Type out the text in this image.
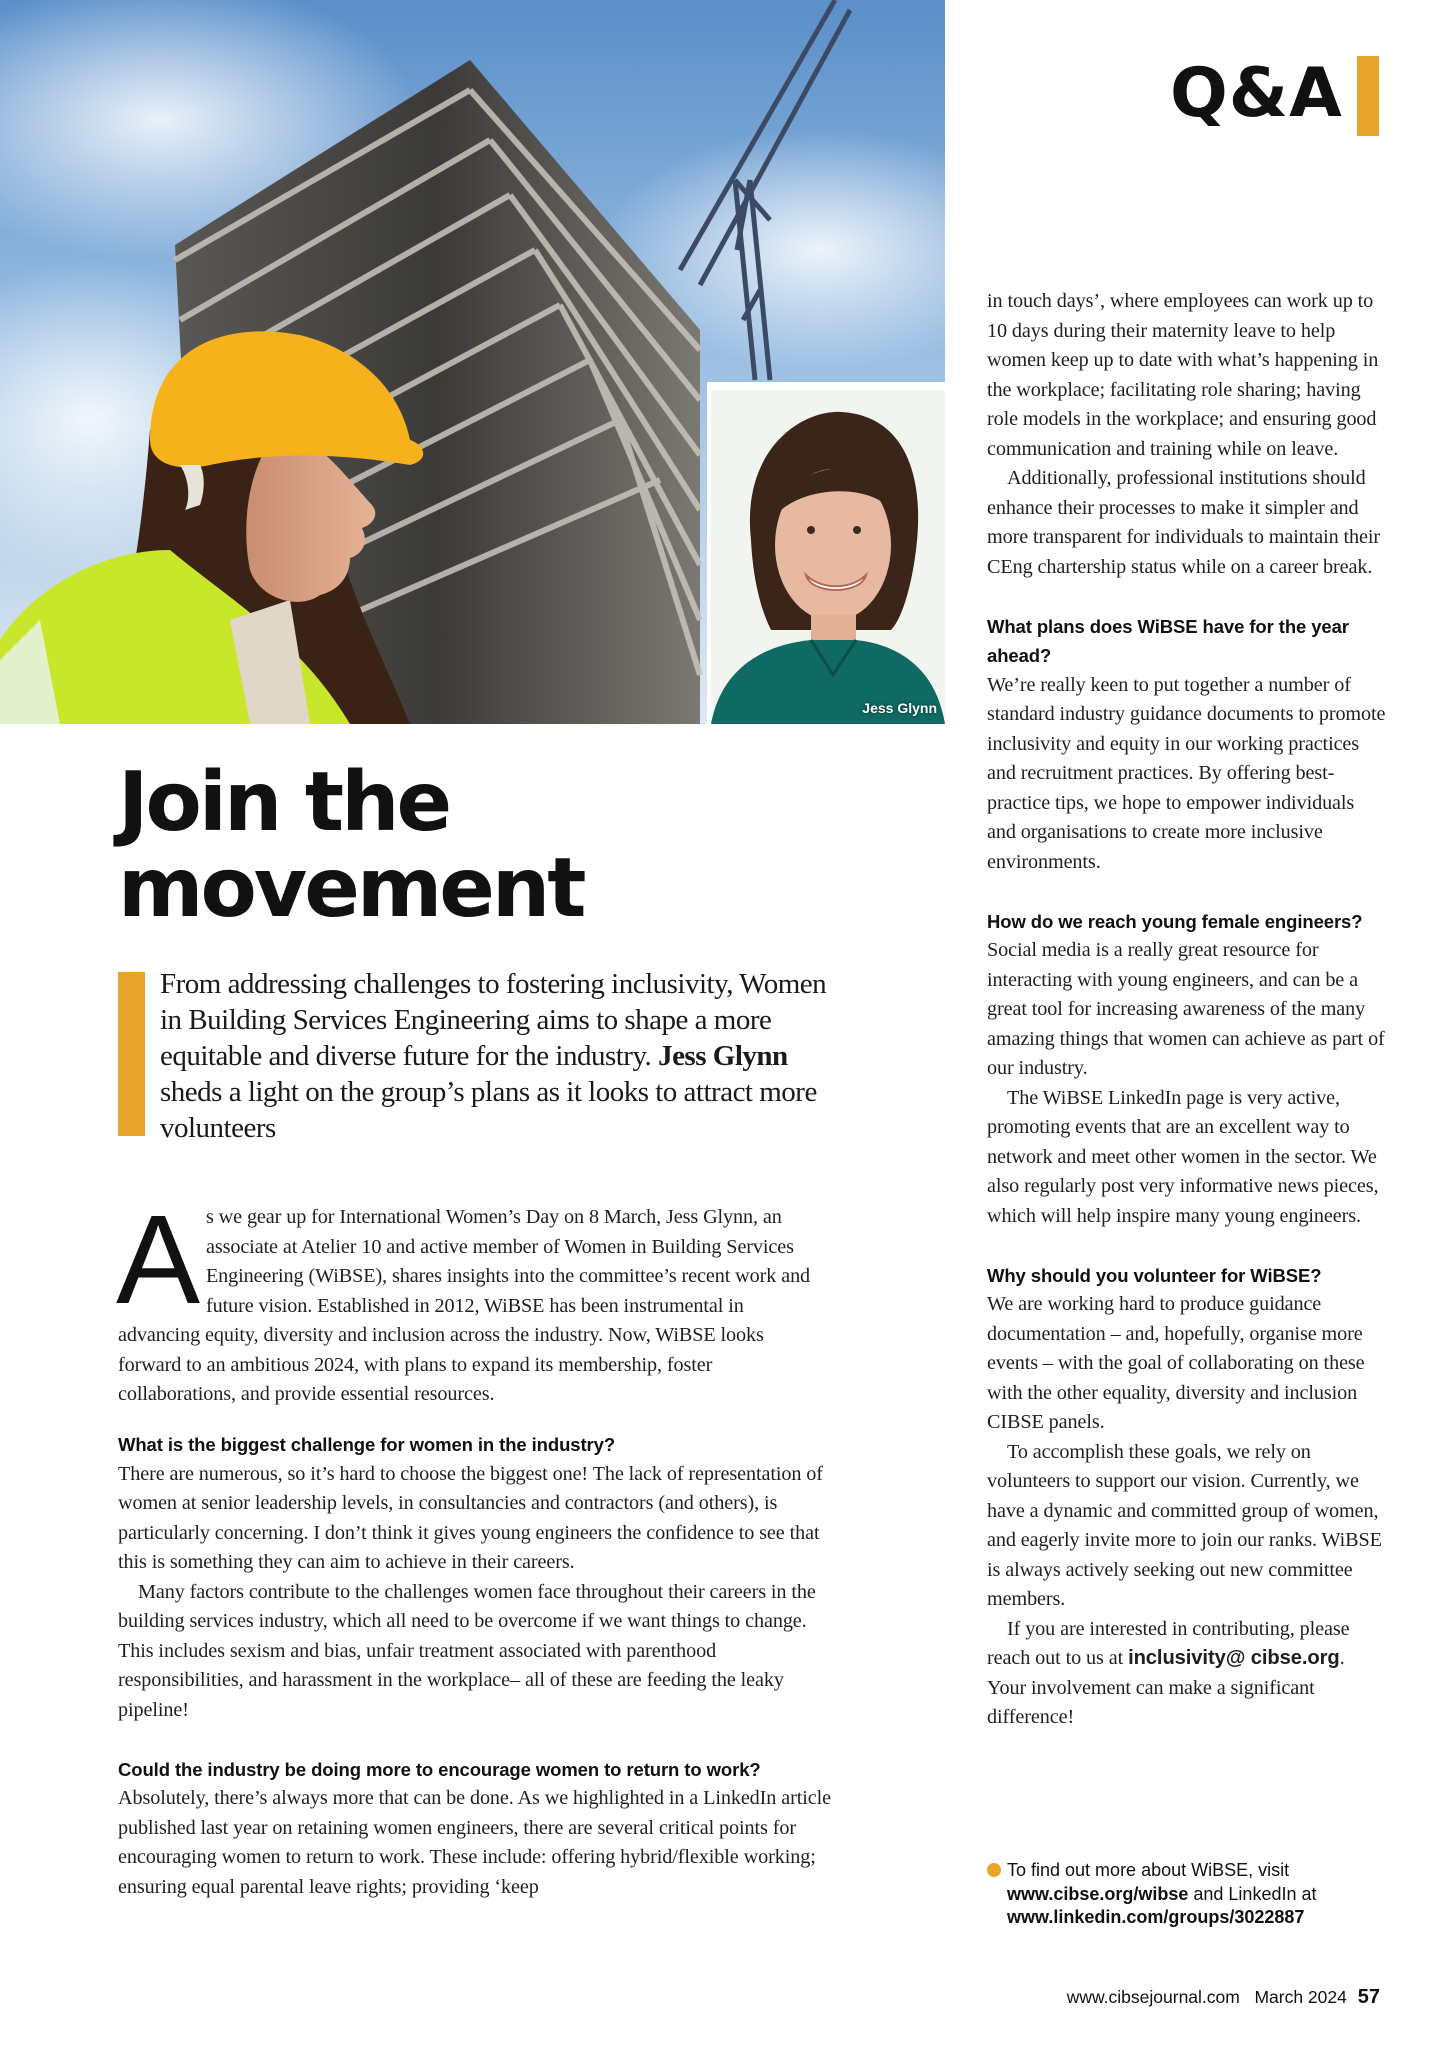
Jess Glynn
Q&A
Join the
movement
From addressing challenges to fostering inclusivity, Women in Building Services Engineering aims to shape a more equitable and diverse future for the industry. Jess Glynn sheds a light on the group’s plans as it looks to attract more volunteers
As we gear up for International Women’s Day on 8 March, Jess Glynn, an associate at Atelier 10 and active member of Women in Building Services Engineering (WiBSE), shares insights into the committee’s recent work and future vision. Established in 2012, WiBSE has been instrumental in advancing equity, diversity and inclusion across the industry. Now, WiBSE looks forward to an ambitious 2024, with plans to expand its membership, foster collaborations, and provide essential resources.

What is the biggest challenge for women in the industry?

There are numerous, so it’s hard to choose the biggest one! The lack of representation of women at senior leadership levels, in consultancies and contractors (and others), is particularly concerning. I don’t think it gives young engineers the confidence to see that this is something they can aim to achieve in their careers.

Many factors contribute to the challenges women face throughout their careers in the building services industry, which all need to be overcome if we want things to change. This includes sexism and bias, unfair treatment associated with parenthood responsibilities, and harassment in the workplace– all of these are feeding the leaky pipeline!

Could the industry be doing more to encourage women to return to work?

Absolutely, there’s always more that can be done. As we highlighted in a LinkedIn article published last year on retaining women engineers, there are several critical points for encouraging women to return to work. These include: offering hybrid/flexible working; ensuring equal parental leave rights; providing ‘keep

in touch days’, where employees can work up to 10 days during their maternity leave to help women keep up to date with what’s happening in the workplace; facilitating role sharing; having role models in the workplace; and ensuring good communication and training while on leave.

Additionally, professional institutions should enhance their processes to make it simpler and more transparent for individuals to maintain their CEng chartership status while on a career break.

What plans does WiBSE have for the year ahead?

We’re really keen to put together a number of standard industry guidance documents to promote inclusivity and equity in our working practices and recruitment practices. By offering best-practice tips, we hope to empower individuals and organisations to create more inclusive environments.

How do we reach young female engineers?

Social media is a really great resource for interacting with young engineers, and can be a great tool for increasing awareness of the many amazing things that women can achieve as part of our industry.

The WiBSE LinkedIn page is very active, promoting events that are an excellent way to network and meet other women in the sector. We also regularly post very informative news pieces, which will help inspire many young engineers.

Why should you volunteer for WiBSE?

We are working hard to produce guidance documentation – and, hopefully, organise more events – with the goal of collaborating on these with the other equality, diversity and inclusion CIBSE panels.

To accomplish these goals, we rely on volunteers to support our vision. Currently, we have a dynamic and committed group of women, and eagerly invite more to join our ranks. WiBSE is always actively seeking out new committee members.

If you are interested in contributing, please reach out to us at inclusivity@ cibse.org. Your involvement can make a significant difference!

To find out more about WiBSE, visit
www.cibse.org/wibse and LinkedIn at
www.linkedin.com/groups/3022887
www.cibsejournal.com March 2024 57
